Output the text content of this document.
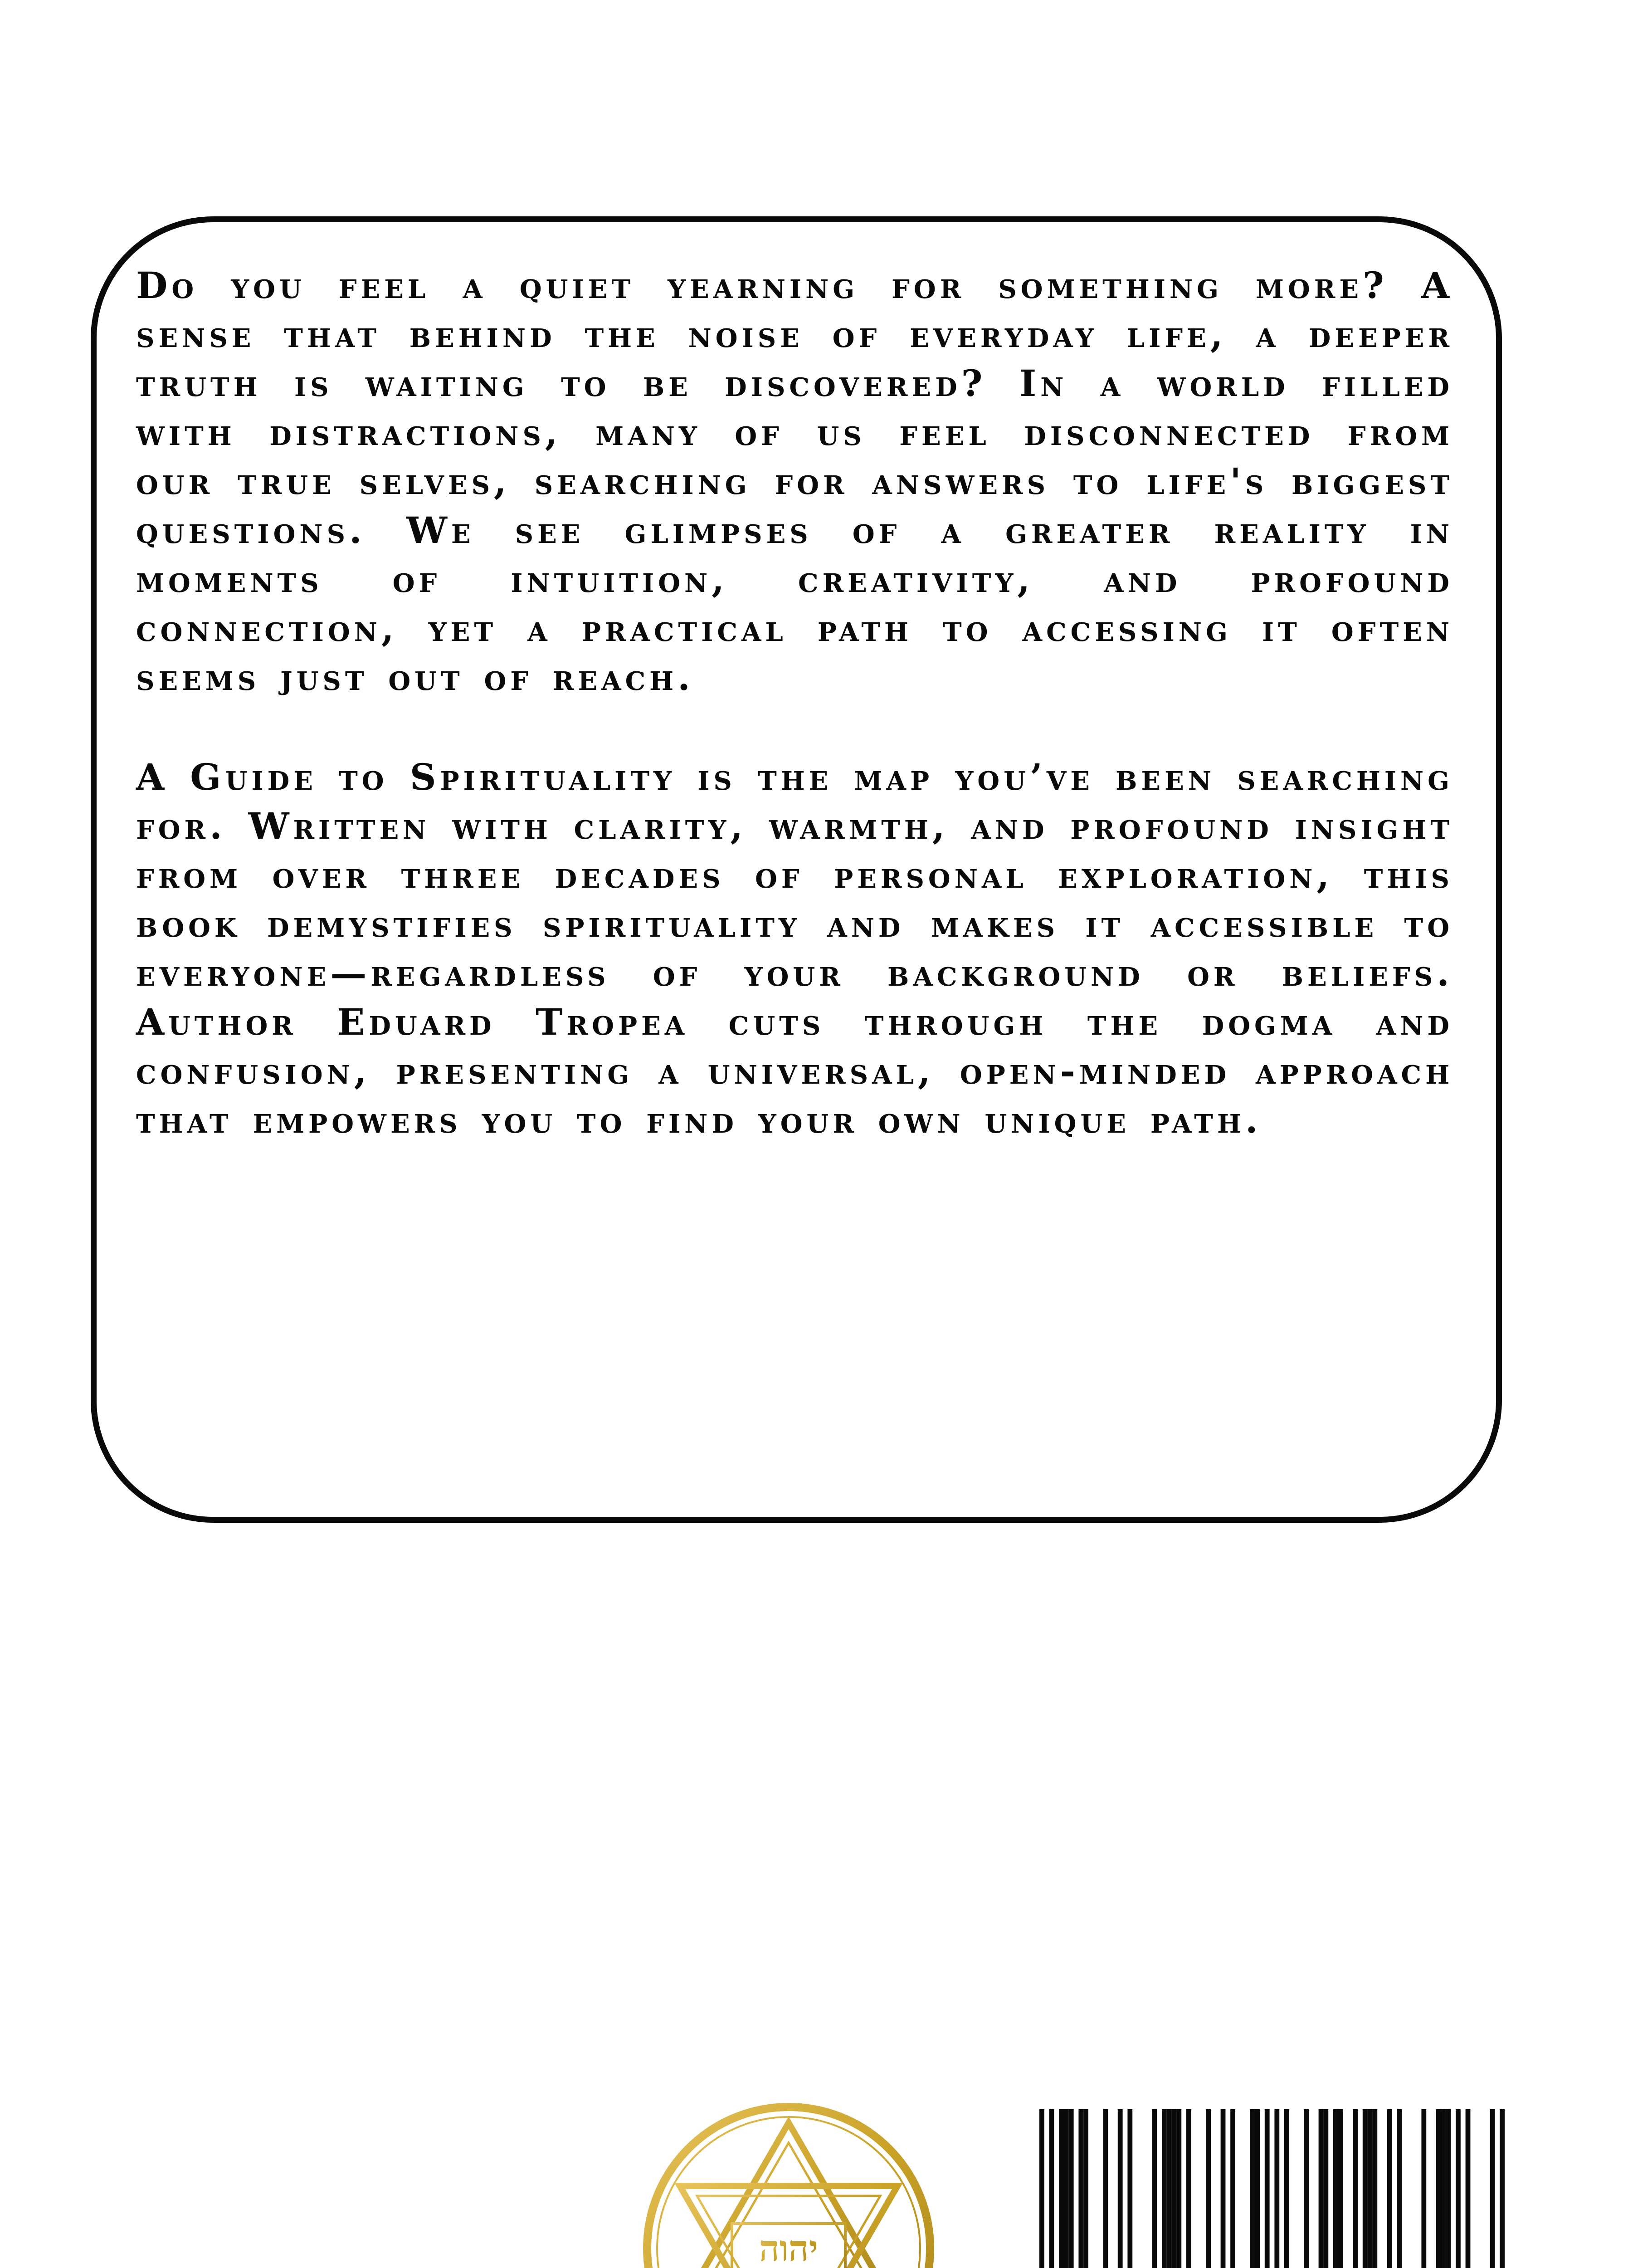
Do you feel a quiet yearning for something more? A sense that behind the noise of everyday life, a deeper truth is waiting to be discovered? In a world filled with distractions, many of us feel disconnected from our true selves, searching for answers to life's biggest questions. We see glimpses of a greater reality in moments of intuition, creativity, and profound connection, yet a practical path to accessing it often seems just out of reach.

A Guide to Spirituality is the map you’ve been searching for. Written with clarity, warmth, and profound insight from over three decades of personal exploration, this book demystifies spirituality and makes it accessible to everyone—regardless of your background or beliefs. Author Eduard Tropea cuts through the dogma and confusion, presenting a universal, open-minded approach that empowers you to find your own unique path.

יהוה
